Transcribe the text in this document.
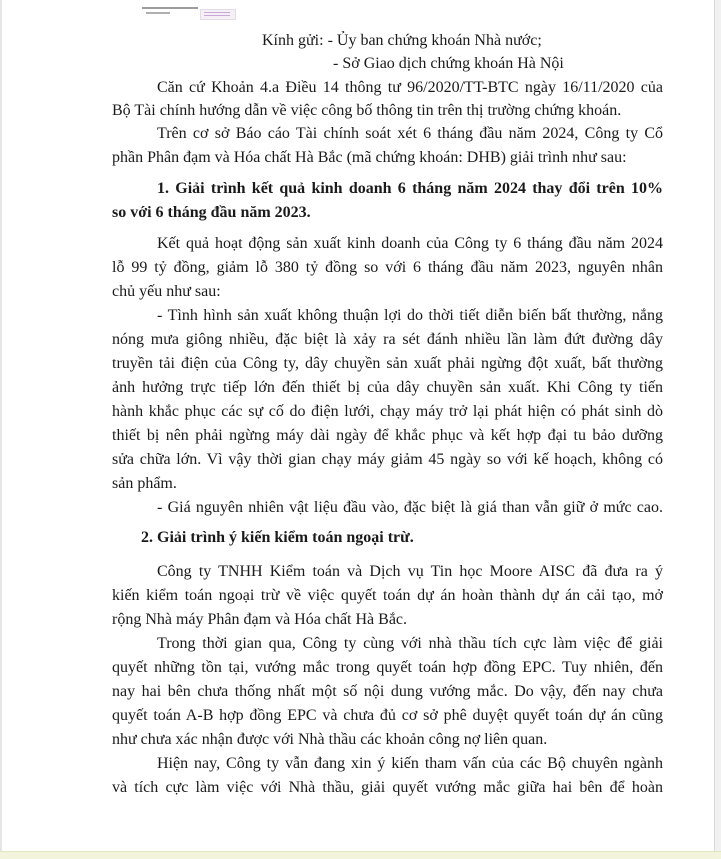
Kính gửi: - Ủy ban chứng khoán Nhà nước;
- Sở Giao dịch chứng khoán Hà Nội
Căn cứ Khoản 4.a Điều 14 thông tư 96/2020/TT-BTC ngày 16/11/2020 của
Bộ Tài chính hướng dẫn về việc công bố thông tin trên thị trường chứng khoán.
Trên cơ sở Báo cáo Tài chính soát xét 6 tháng đầu năm 2024, Công ty Cổ
phần Phân đạm và Hóa chất Hà Bắc (mã chứng khoán: DHB) giải trình như sau:
1. Giải trình kết quả kinh doanh 6 tháng năm 2024 thay đổi trên 10%
so với 6 tháng đầu năm 2023.
Kết quả hoạt động sản xuất kinh doanh của Công ty 6 tháng đầu năm 2024
lỗ 99 tỷ đồng, giảm lỗ 380 tỷ đồng so với 6 tháng đầu năm 2023, nguyên nhân
chủ yếu như sau:
- Tình hình sản xuất không thuận lợi do thời tiết diễn biến bất thường, nắng
nóng mưa giông nhiều, đặc biệt là xảy ra sét đánh nhiều lần làm đứt đường dây
truyền tải điện của Công ty, dây chuyền sản xuất phải ngừng đột xuất, bất thường
ảnh hưởng trực tiếp lớn đến thiết bị của dây chuyền sản xuất. Khi Công ty tiến
hành khắc phục các sự cố do điện lưới, chạy máy trở lại phát hiện có phát sinh dò
thiết bị nên phải ngừng máy dài ngày để khắc phục và kết hợp đại tu bảo dưỡng
sửa chữa lớn. Vì vậy thời gian chạy máy giảm 45 ngày so với kế hoạch, không có
sản phẩm.
- Giá nguyên nhiên vật liệu đầu vào, đặc biệt là giá than vẫn giữ ở mức cao.
2. Giải trình ý kiến kiểm toán ngoại trừ.
Công ty TNHH Kiểm toán và Dịch vụ Tin học Moore AISC đã đưa ra ý
kiến kiểm toán ngoại trừ về việc quyết toán dự án hoàn thành dự án cải tạo, mở
rộng Nhà máy Phân đạm và Hóa chất Hà Bắc.
Trong thời gian qua, Công ty cùng với nhà thầu tích cực làm việc để giải
quyết những tồn tại, vướng mắc trong quyết toán hợp đồng EPC. Tuy nhiên, đến
nay hai bên chưa thống nhất một số nội dung vướng mắc. Do vậy, đến nay chưa
quyết toán A-B hợp đồng EPC và chưa đủ cơ sở phê duyệt quyết toán dự án cũng
như chưa xác nhận được với Nhà thầu các khoản công nợ liên quan.
Hiện nay, Công ty vẫn đang xin ý kiến tham vấn của các Bộ chuyên ngành
và tích cực làm việc với Nhà thầu, giải quyết vướng mắc giữa hai bên để hoàn
